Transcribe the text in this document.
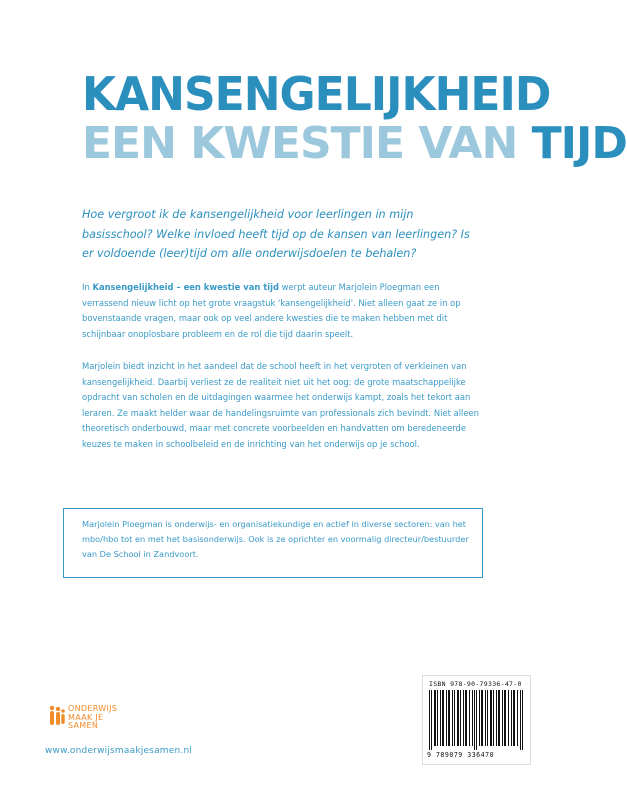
KANSENGELIJKHEID
EEN KWESTIE VAN TIJD
Hoe vergroot ik de kansengelijkheid voor leerlingen in mijn basisschool? Welke invloed heeft tijd op de kansen van leerlingen? Is er voldoende (leer)tijd om alle onderwijsdoelen te behalen?
In Kansengelijkheid – een kwestie van tijd werpt auteur Marjolein Ploegman een verrassend nieuw licht op het grote vraagstuk 'kansengelijkheid'. Niet alleen gaat ze in op bovenstaande vragen, maar ook op veel andere kwesties die te maken hebben met dit schijnbaar onoplosbare probleem en de rol die tijd daarin speelt.
Marjolein biedt inzicht in het aandeel dat de school heeft in het vergroten of verkleinen van kansengelijkheid. Daarbij verliest ze de realiteit niet uit het oog: de grote maatschappelijke opdracht van scholen en de uitdagingen waarmee het onderwijs kampt, zoals het tekort aan leraren. Ze maakt helder waar de handelingsruimte van professionals zich bevindt. Niet alleen theoretisch onderbouwd, maar met concrete voorbeelden en handvatten om beredeneerde keuzes te maken in schoolbeleid en de inrichting van het onderwijs op je school.
Marjolein Ploegman is onderwijs- en organisatiekundige en actief in diverse sectoren: van het mbo/hbo tot en met het basisonderwijs. Ook is ze oprichter en voormalig directeur/bestuurder van De School in Zandvoort.
ISBN 978-90-79336-47-0
9 789079 336470
ONDERWIJS
MAAK JE
SAMEN
www.onderwijsmaakjesamen.nl
